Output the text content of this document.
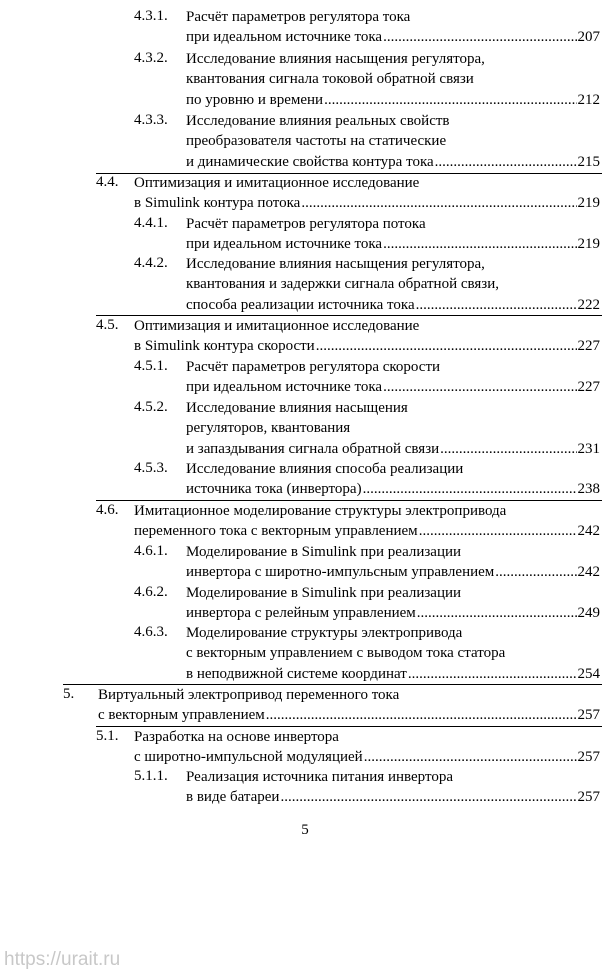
4.3.1. Расчёт параметров регулятора тока
при идеальном источнике тока .....	207
4.3.2. Исследование влияния насыщения регулятора,
квантования сигнала токовой обратной связи
по уровню и времени .....	212
4.3.3. Исследование влияния реальных свойств
преобразователя частоты на статические
и динамические свойства контура тока .....	215
4.4. Оптимизация и имитационное исследование
в Simulink контура потока .....	219
4.4.1. Расчёт параметров регулятора потока
при идеальном источнике тока .....	219
4.4.2. Исследование влияния насыщения регулятора,
квантования и задержки сигнала обратной связи,
способа реализации источника тока .....	222
4.5. Оптимизация и имитационное исследование
в Simulink контура скорости .....	227
4.5.1. Расчёт параметров регулятора скорости
при идеальном источнике тока .....	227
4.5.2. Исследование влияния насыщения
регуляторов, квантования
и запаздывания сигнала обратной связи .....	231
4.5.3. Исследование влияния способа реализации
источника тока (инвертора) .....	238
4.6. Имитационное моделирование структуры электропривода
переменного тока с векторным управлением .....	242
4.6.1. Моделирование в Simulink при реализации
инвертора с широтно-импульсным управлением .....	242
4.6.2. Моделирование в Simulink при реализации
инвертора с релейным управлением .....	249
4.6.3. Моделирование структуры электропривода
с векторным управлением с выводом тока статора
в неподвижной системе координат .....	254
5. Виртуальный электропривод переменного тока
с векторным управлением .....	257
5.1. Разработка на основе инвертора
с широтно-импульсной модуляцией .....	257
5.1.1. Реализация источника питания инвертора
в виде батареи .....	257
5
https://urait.ru
